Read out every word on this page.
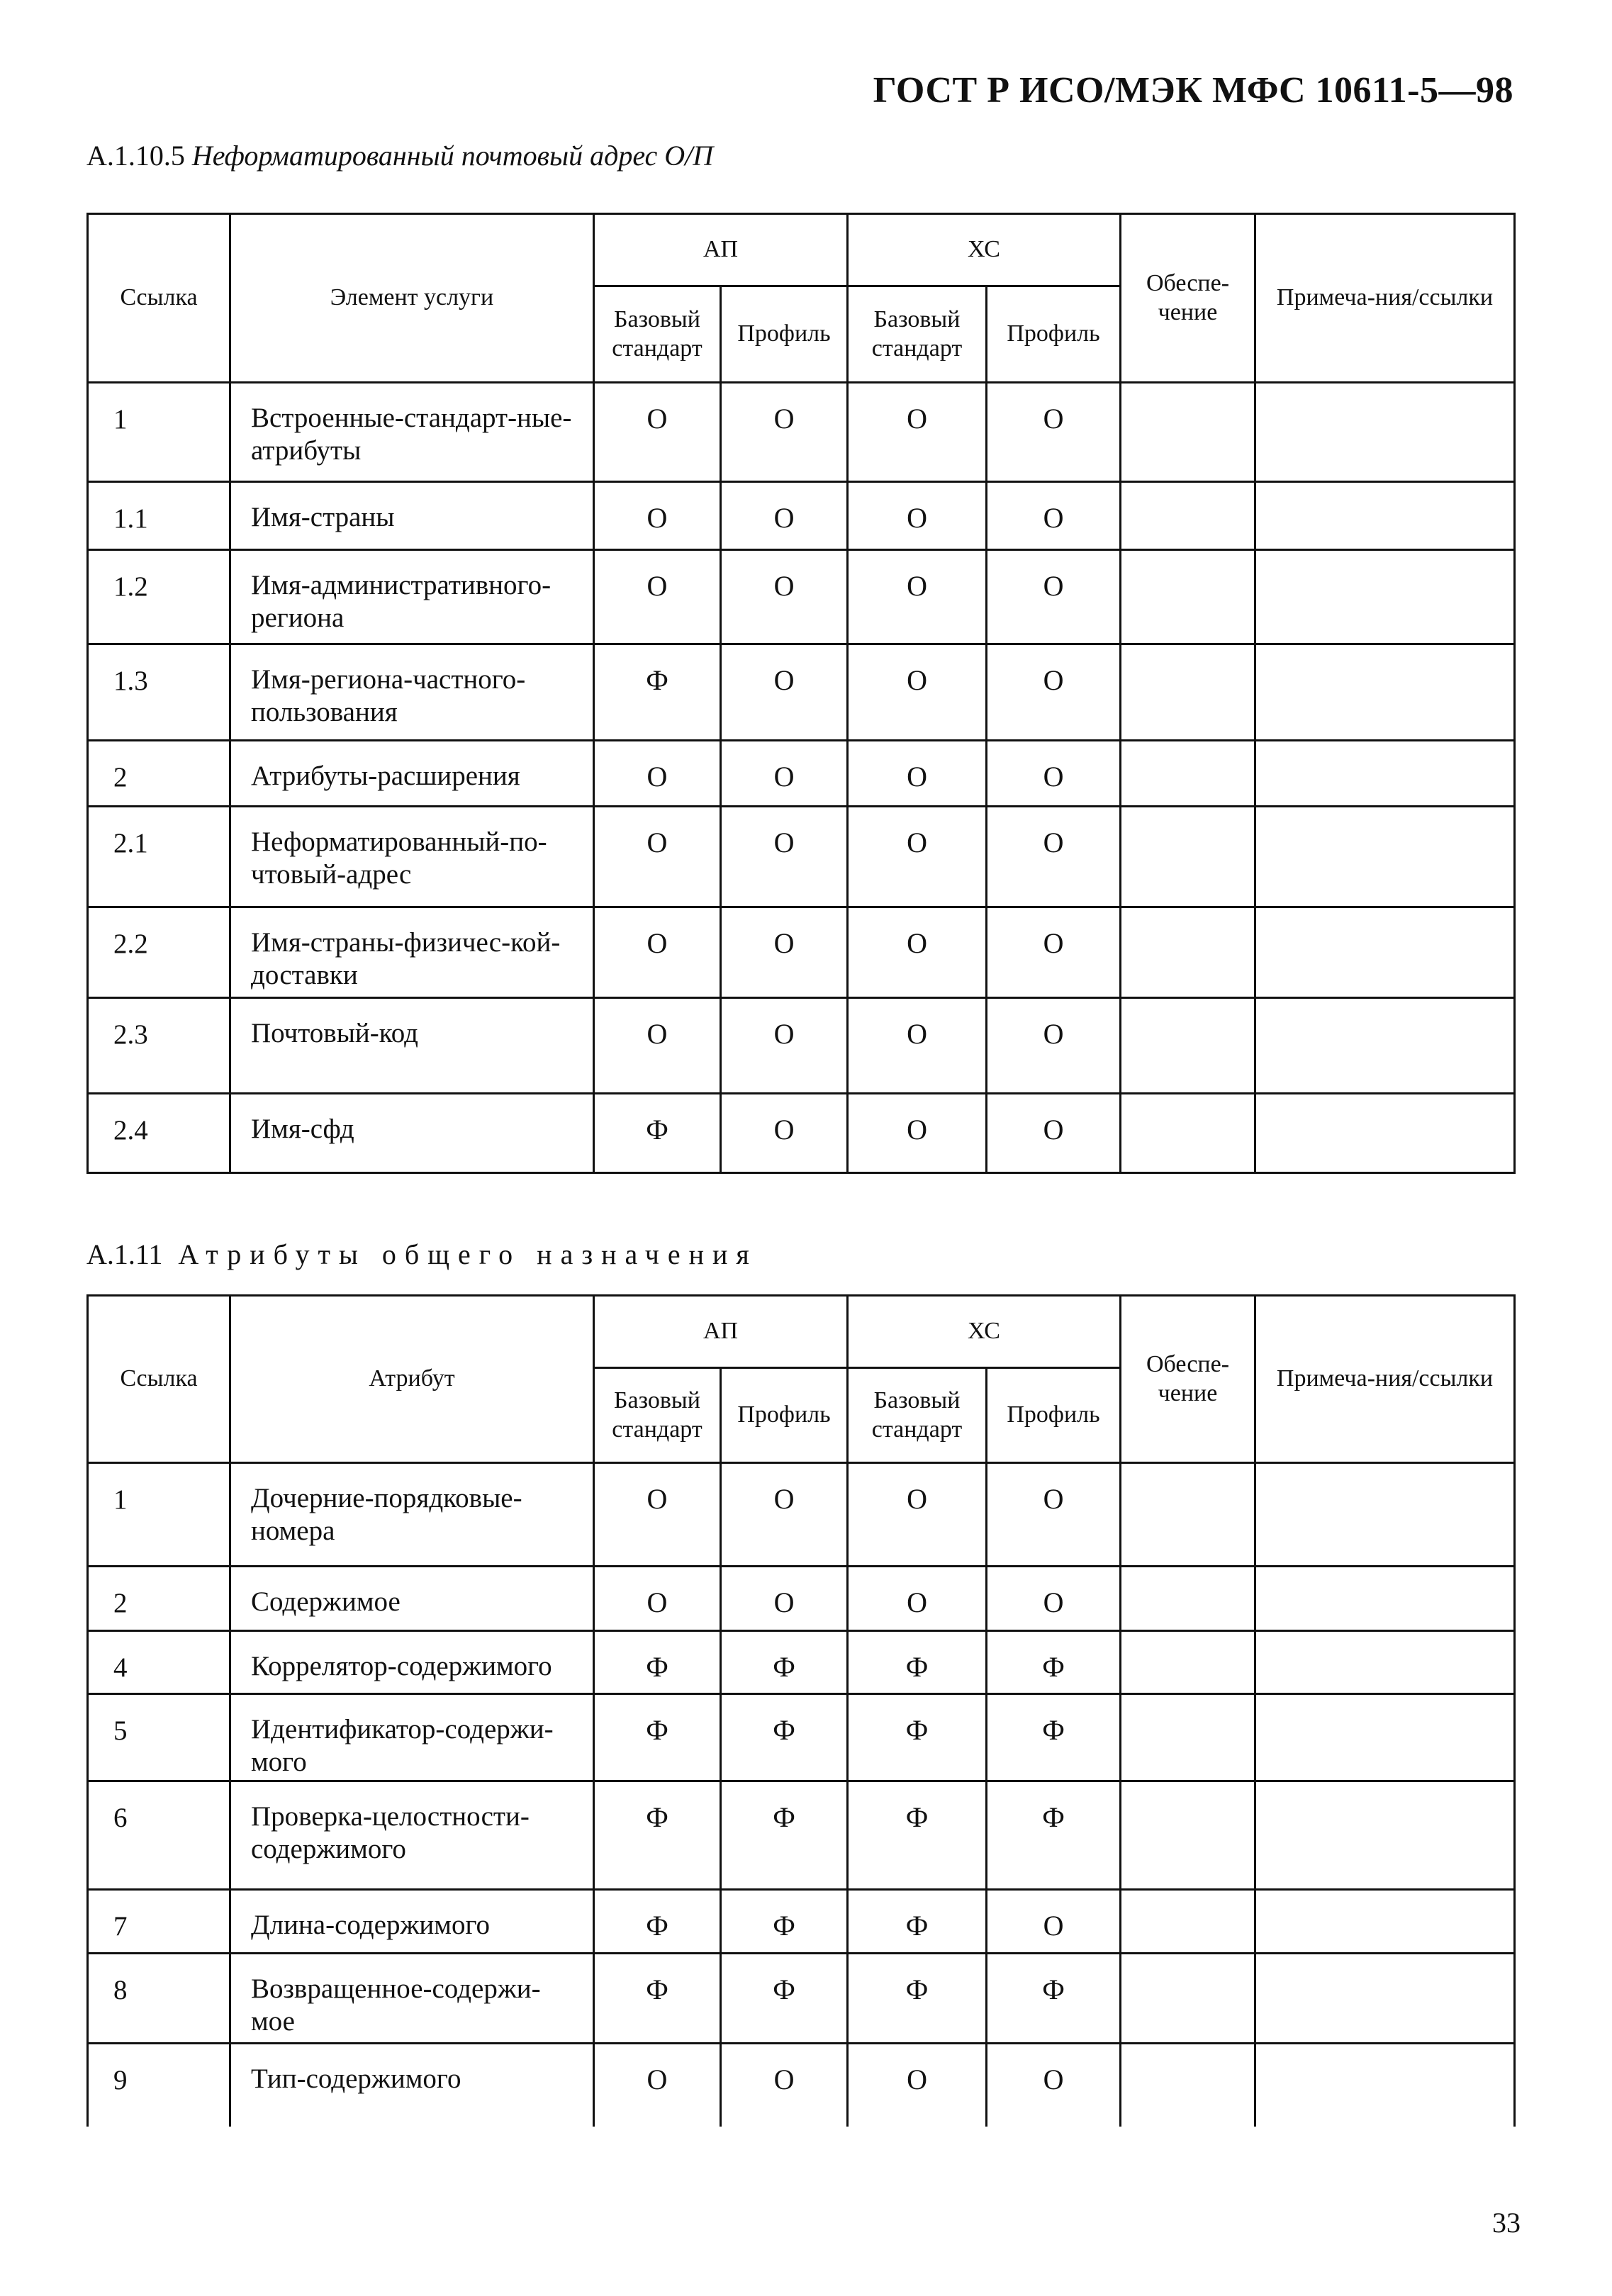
ГОСТ Р ИСО/МЭК МФС 10611-5—98
А.1.10.5 Неформатированный почтовый адрес О/П
Ссылка	Элемент услуги	АП		ХС		Обеспе-чение	Примеча-ния/ссылки
		Базовый стандарт	Профиль	Базовый стандарт	Профиль		
1	Встроенные-стандарт-ные-атрибуты	О	О	О	О		
1.1	Имя-страны	О	О	О	О		
1.2	Имя-административного-региона	О	О	О	О		
1.3	Имя-региона-частного-пользования	Ф	О	О	О		
2	Атрибуты-расширения	О	О	О	О		
2.1	Неформатированный-по-чтовый-адрес	О	О	О	О		
2.2	Имя-страны-физичес-кой-доставки	О	О	О	О		
2.3	Почтовый-код	О	О	О	О		
2.4	Имя-сфд	Ф	О	О	О		
А.1.11 Атрибуты общего назначения
Ссылка	Атрибут	АП		ХС		Обеспе-чение	Примеча-ния/ссылки
		Базовый стандарт	Профиль	Базовый стандарт	Профиль		
1	Дочерние-порядковые-номера	О	О	О	О		
2	Содержимое	О	О	О	О		
4	Коррелятор-содержимого	Ф	Ф	Ф	Ф		
5	Идентификатор-содержи-мого	Ф	Ф	Ф	Ф		
6	Проверка-целостности-содержимого	Ф	Ф	Ф	Ф		
7	Длина-содержимого	Ф	Ф	Ф	О		
8	Возвращенное-содержи-мое	Ф	Ф	Ф	Ф		
9	Тип-содержимого	О	О	О	О		
33
